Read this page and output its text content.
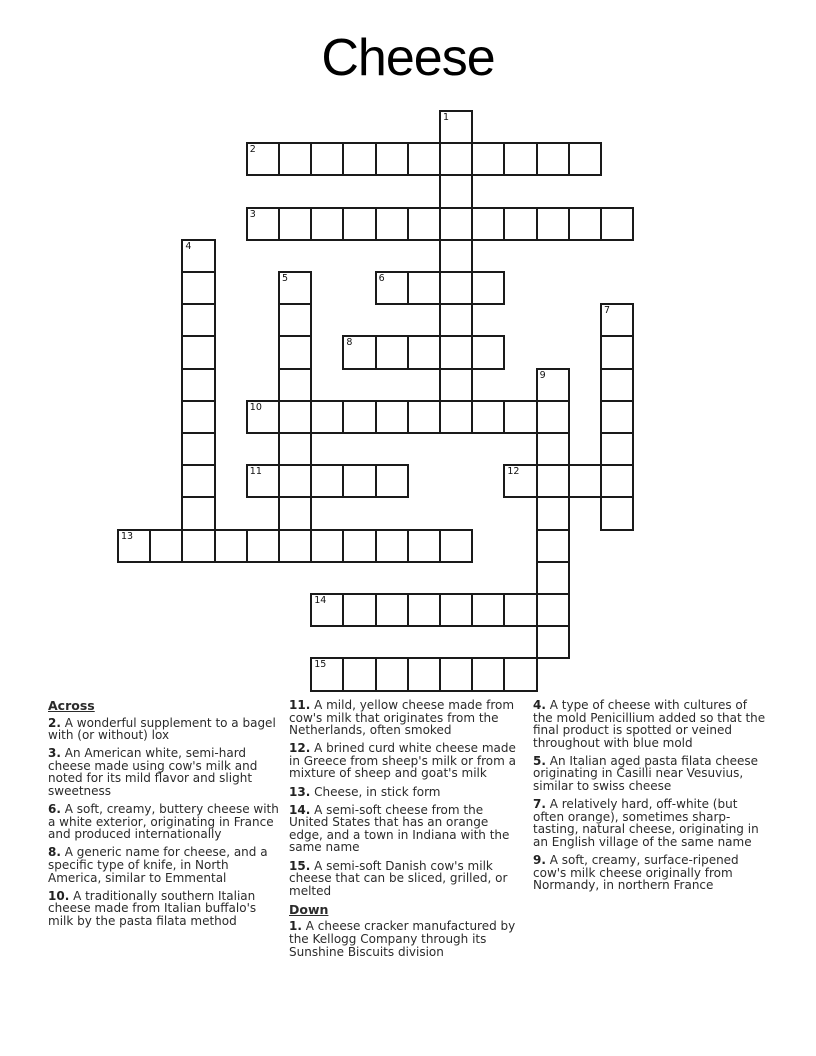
Cheese
1
2
3
4
5	6
7
8
9
10
11	12
13
14
15
Across

2. A wonderful supplement to a bagel with (or without) lox

3. An American white, semi-hard cheese made using cow's milk and noted for its mild flavor and slight sweetness

6. A soft, creamy, buttery cheese with a white exterior, originating in France and produced internationally

8. A generic name for cheese, and a specific type of knife, in North America, similar to Emmental

10. A traditionally southern Italian cheese made from Italian buffalo's milk by the pasta filata method

11. A mild, yellow cheese made from cow's milk that originates from the Netherlands, often smoked

12. A brined curd white cheese made in Greece from sheep's milk or from a mixture of sheep and goat's milk

13. Cheese, in stick form

14. A semi-soft cheese from the United States that has an orange edge, and a town in Indiana with the same name

15. A semi-soft Danish cow's milk cheese that can be sliced, grilled, or melted

Down

1. A cheese cracker manufactured by the Kellogg Company through its Sunshine Biscuits division

4. A type of cheese with cultures of the mold Penicillium added so that the final product is spotted or veined throughout with blue mold

5. An Italian aged pasta filata cheese originating in Casilli near Vesuvius, similar to swiss cheese

7. A relatively hard, off-white (but often orange), sometimes sharp-tasting, natural cheese, originating in an English village of the same name

9. A soft, creamy, surface-ripened cow's milk cheese originally from Normandy, in northern France
